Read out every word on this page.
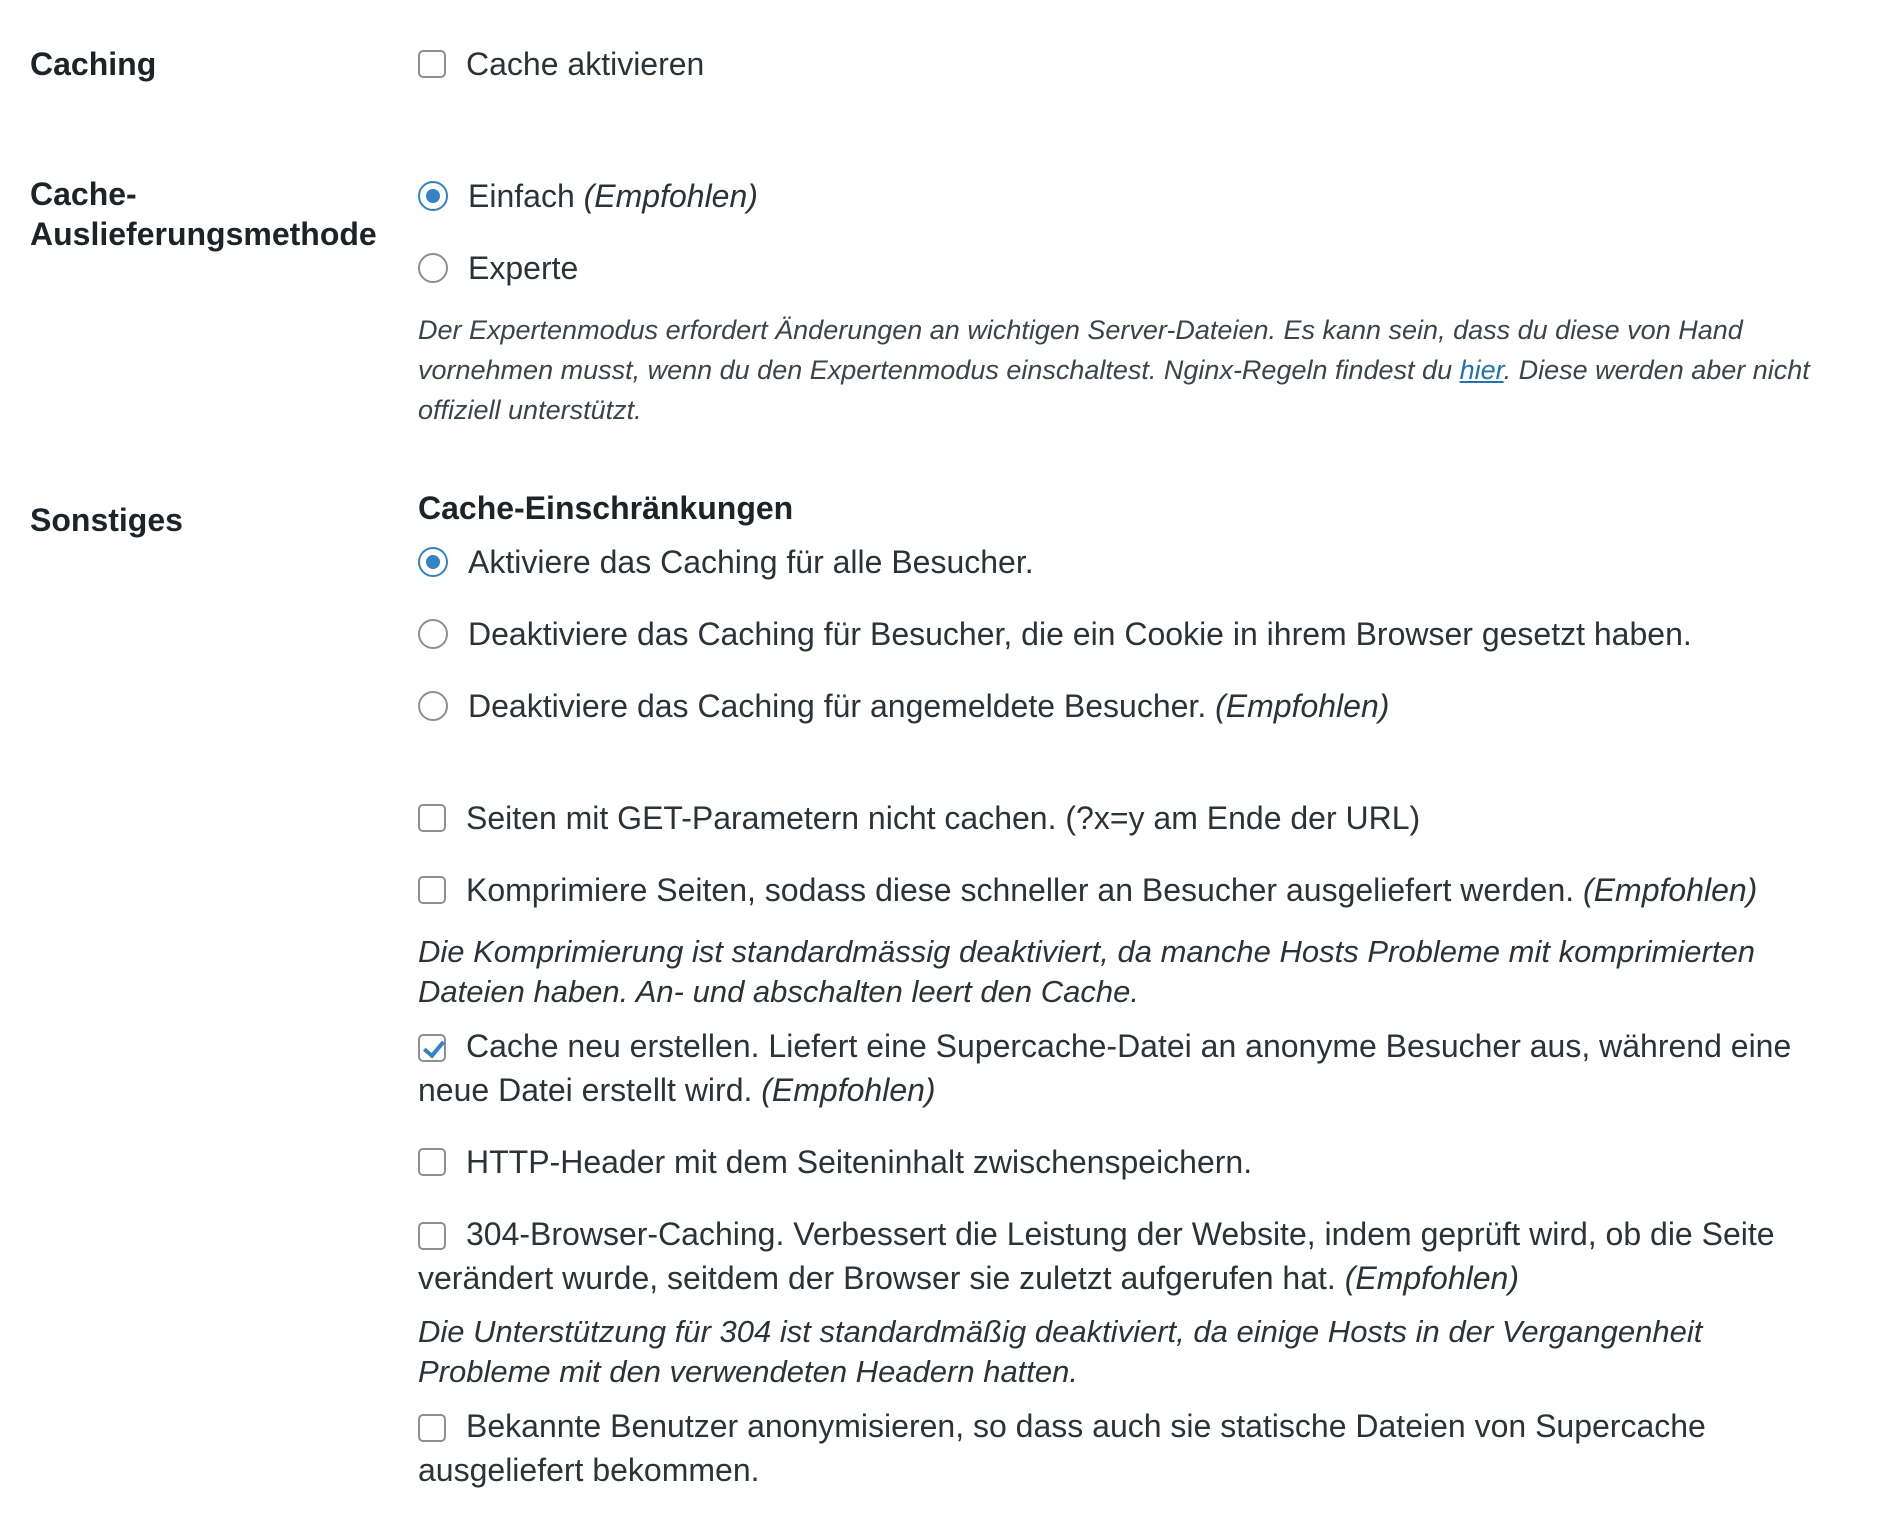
Caching	Cache aktivieren
Cache-Auslieferungsmethode
Einfach (Empfohlen)
Experte

Der Expertenmodus erfordert Änderungen an wichtigen Server-Dateien. Es kann sein, dass du diese von Hand vornehmen musst, wenn du den Expertenmodus einschaltest. Nginx-Regeln findest du hier. Diese werden aber nicht offiziell unterstützt.

Sonstiges	Cache-Einschränkungen
Aktiviere das Caching für alle Besucher.
Deaktiviere das Caching für Besucher, die ein Cookie in ihrem Browser gesetzt haben.
Deaktiviere das Caching für angemeldete Besucher. (Empfohlen)
Seiten mit GET-Parametern nicht cachen. (?x=y am Ende der URL)
Komprimiere Seiten, sodass diese schneller an Besucher ausgeliefert werden. (Empfohlen)

Die Komprimierung ist standardmässig deaktiviert, da manche Hosts Probleme mit komprimierten Dateien haben. An- und abschalten leert den Cache.

Cache neu erstellen. Liefert eine Supercache-Datei an anonyme Besucher aus, während eine neue Datei erstellt wird. (Empfohlen)
HTTP-Header mit dem Seiteninhalt zwischenspeichern.
304-Browser-Caching. Verbessert die Leistung der Website, indem geprüft wird, ob die Seite verändert wurde, seitdem der Browser sie zuletzt aufgerufen hat. (Empfohlen)

Die Unterstützung für 304 ist standardmäßig deaktiviert, da einige Hosts in der Vergangenheit Probleme mit den verwendeten Headern hatten.

Bekannte Benutzer anonymisieren, so dass auch sie statische Dateien von Supercache ausgeliefert bekommen.
